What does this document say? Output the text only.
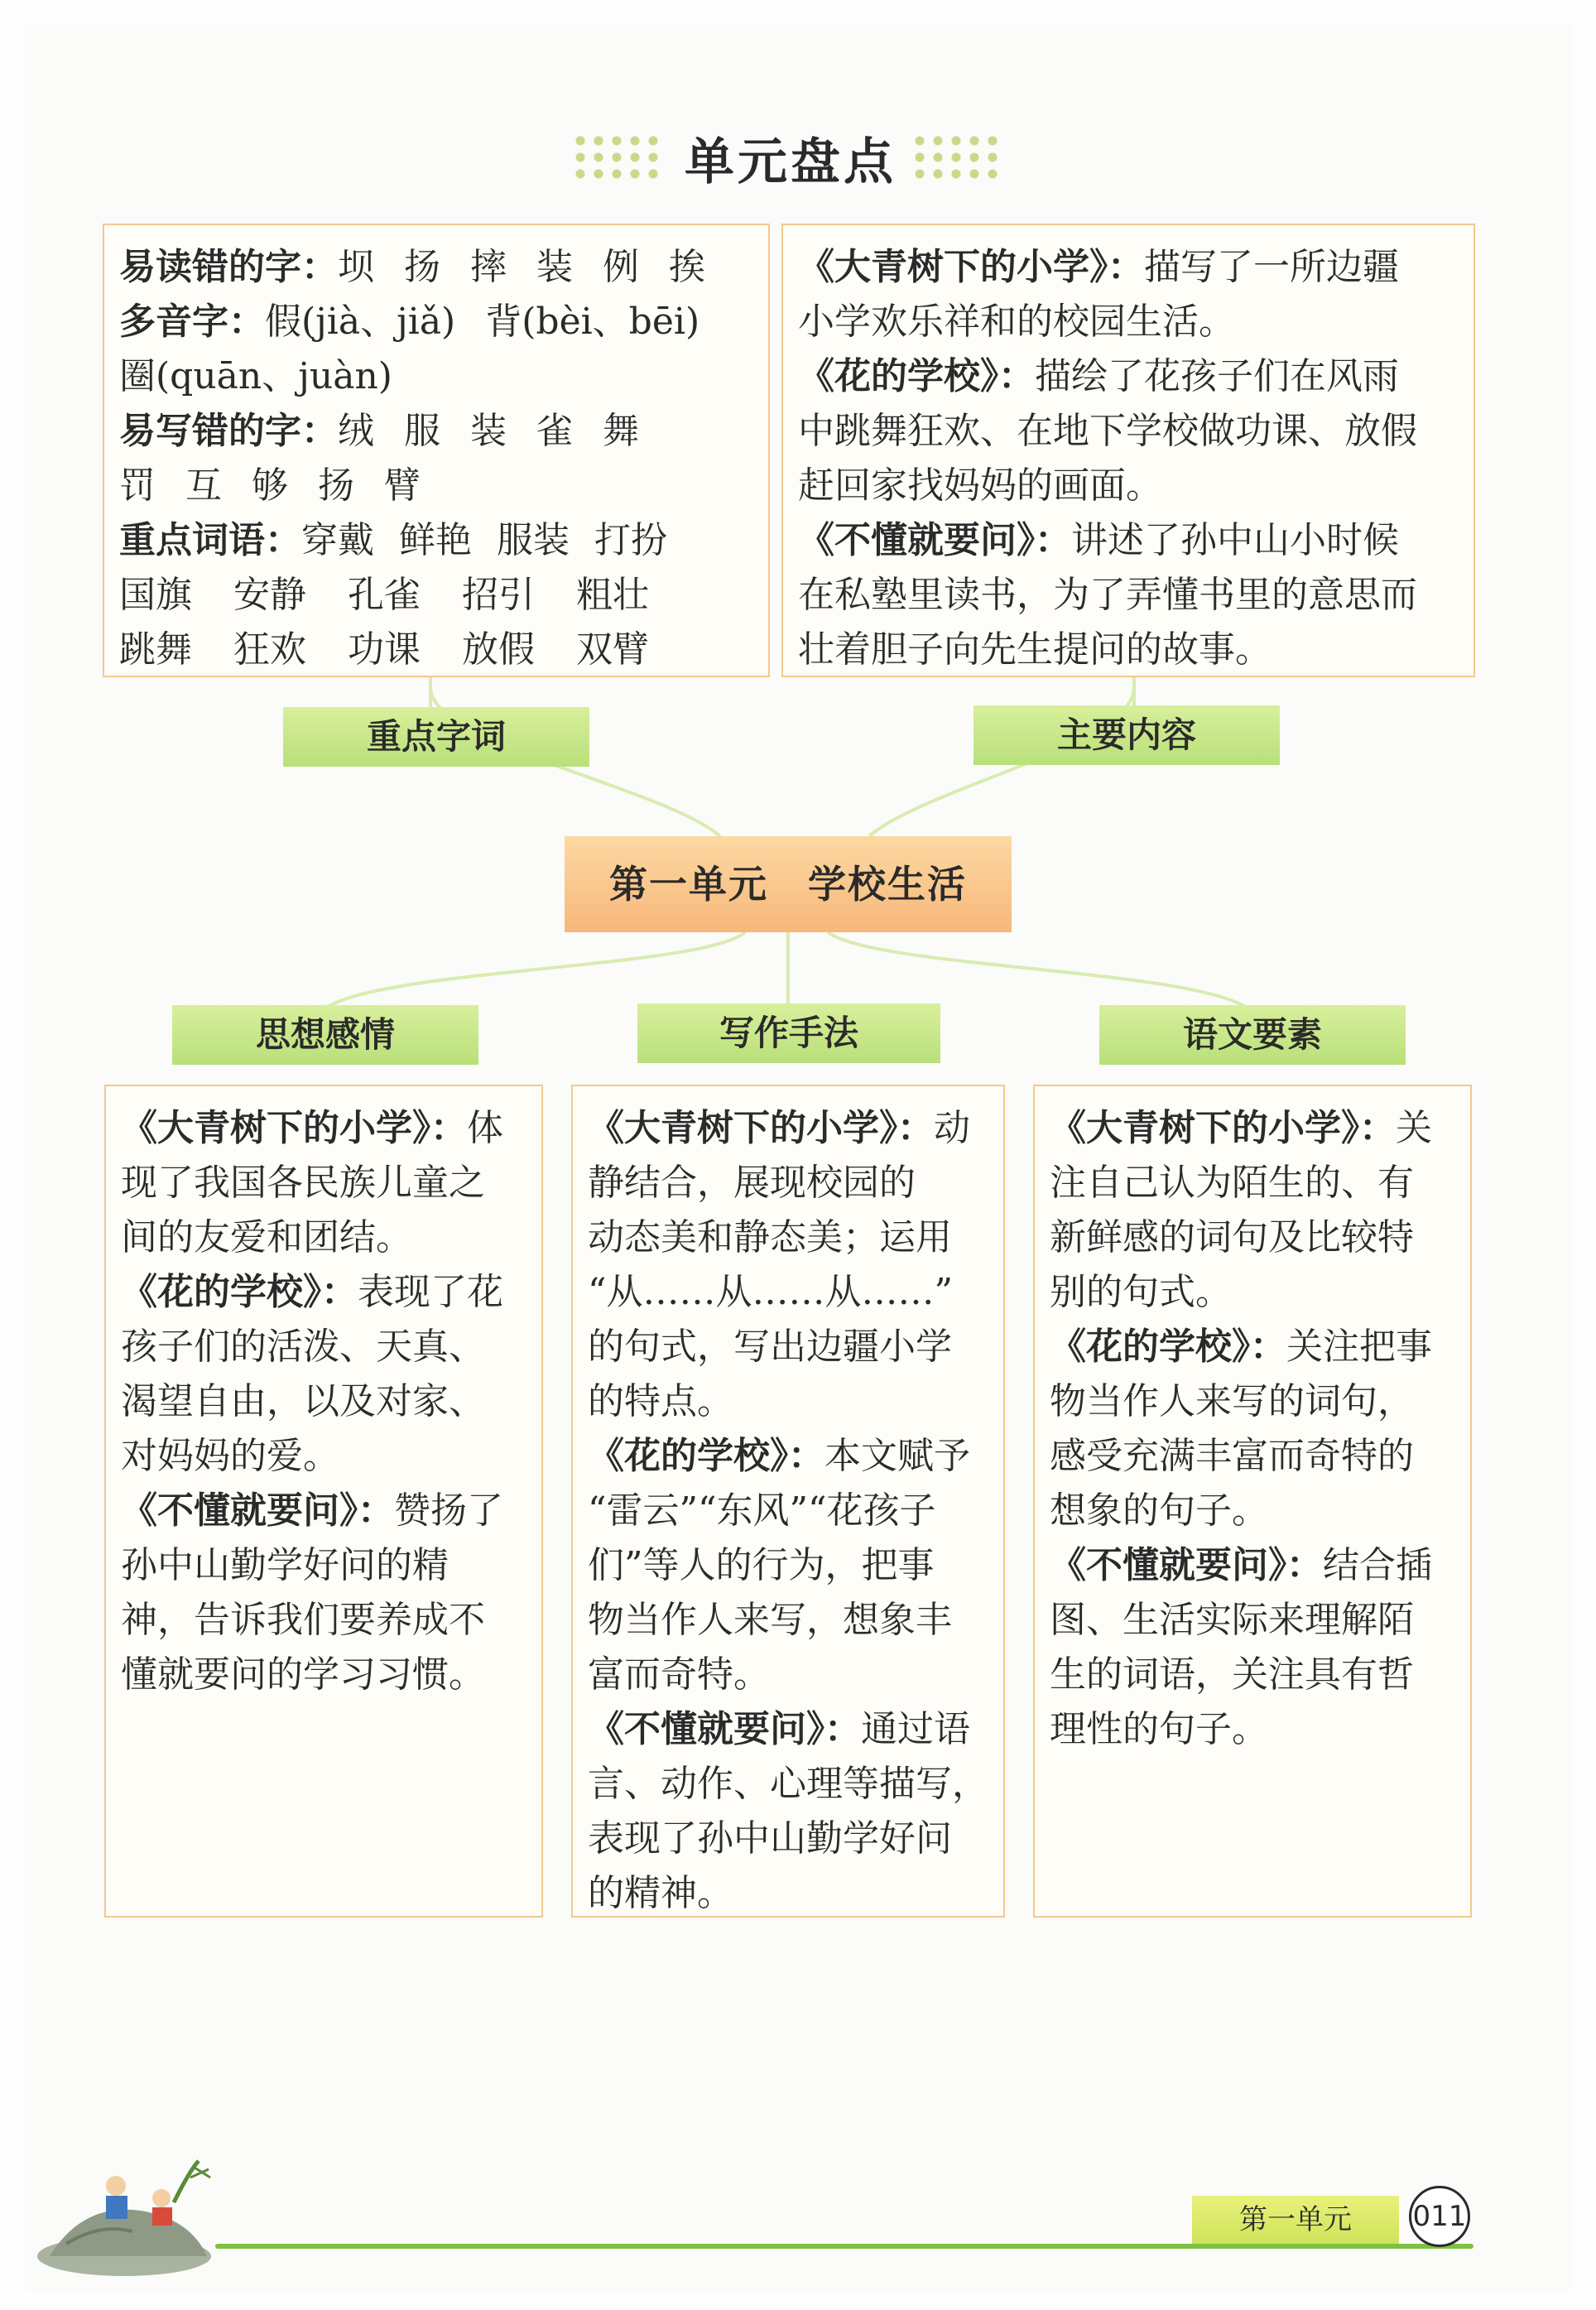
单元盘点
易读错的字：坝 扬 摔 装 例 挨
多音字：假(jià、jiǎ) 背(bèi、bēi)
圈(quān、juàn)
易写错的字：绒 服 装 雀 舞
罚 互 够 扬 臂
重点词语：穿戴 鲜艳 服装 打扮
国旗 安静 孔雀 招引 粗壮
跳舞 狂欢 功课 放假 双臂
《大青树下的小学》：描写了一所边疆
小学欢乐祥和的校园生活。
《花的学校》：描绘了花孩子们在风雨
中跳舞狂欢、在地下学校做功课、放假
赶回家找妈妈的画面。
《不懂就要问》：讲述了孙中山小时候
在私塾里读书，为了弄懂书里的意思而
壮着胆子向先生提问的故事。
重点字词	主要内容
第一单元　学校生活
思想感情	写作手法	语文要素
《大青树下的小学》：体
现了我国各民族儿童之
间的友爱和团结。
《花的学校》：表现了花
孩子们的活泼、天真、
渴望自由，以及对家、
对妈妈的爱。
《不懂就要问》：赞扬了
孙中山勤学好问的精
神，告诉我们要养成不
懂就要问的学习习惯。
《大青树下的小学》：动
静结合，展现校园的
动态美和静态美；运用
“从……从……从……”
的句式，写出边疆小学
的特点。
《花的学校》：本文赋予
“雷云”“东风”“花孩子
们”等人的行为，把事
物当作人来写，想象丰
富而奇特。
《不懂就要问》：通过语
言、动作、心理等描写，
表现了孙中山勤学好问
的精神。
《大青树下的小学》：关
注自己认为陌生的、有
新鲜感的词句及比较特
别的句式。
《花的学校》：关注把事
物当作人来写的词句，
感受充满丰富而奇特的
想象的句子。
《不懂就要问》：结合插
图、生活实际来理解陌
生的词语，关注具有哲
理性的句子。
第一单元	011
